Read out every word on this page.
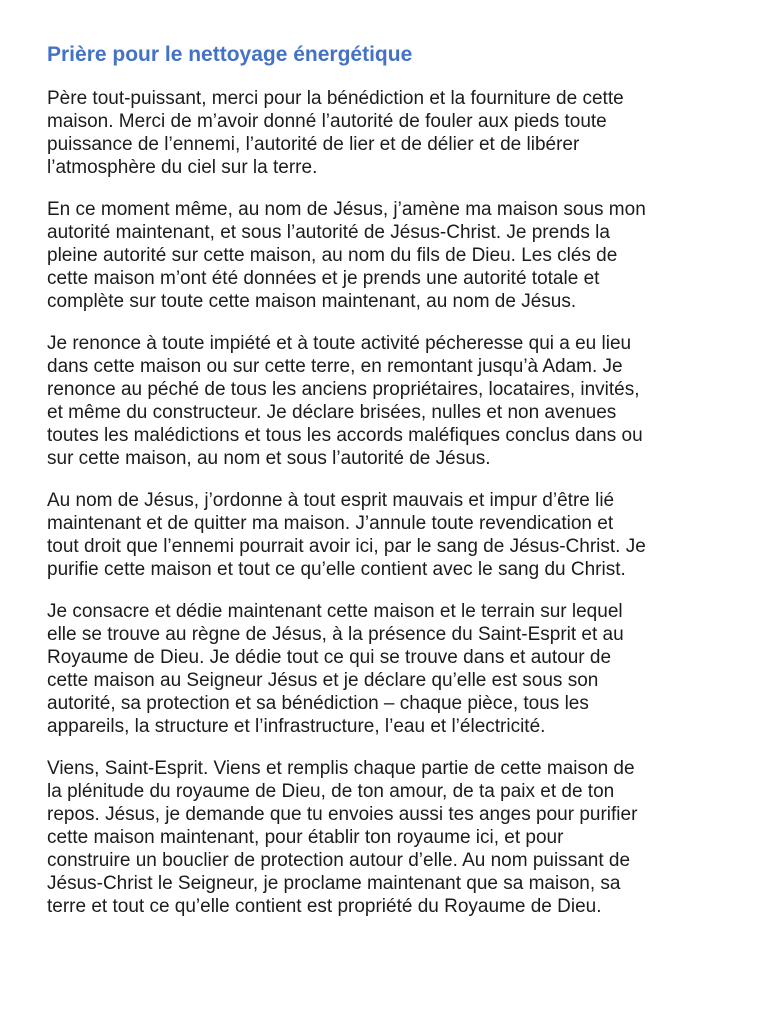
Prière pour le nettoyage énergétique

Père tout-puissant, merci pour la bénédiction et la fourniture de cette
maison. Merci de m’avoir donné l’autorité de fouler aux pieds toute
puissance de l’ennemi, l’autorité de lier et de délier et de libérer
l’atmosphère du ciel sur la terre.

En ce moment même, au nom de Jésus, j’amène ma maison sous mon
autorité maintenant, et sous l’autorité de Jésus-Christ. Je prends la
pleine autorité sur cette maison, au nom du fils de Dieu. Les clés de
cette maison m’ont été données et je prends une autorité totale et
complète sur toute cette maison maintenant, au nom de Jésus.

Je renonce à toute impiété et à toute activité pécheresse qui a eu lieu
dans cette maison ou sur cette terre, en remontant jusqu’à Adam. Je
renonce au péché de tous les anciens propriétaires, locataires, invités,
et même du constructeur. Je déclare brisées, nulles et non avenues
toutes les malédictions et tous les accords maléfiques conclus dans ou
sur cette maison, au nom et sous l’autorité de Jésus.

Au nom de Jésus, j’ordonne à tout esprit mauvais et impur d’être lié
maintenant et de quitter ma maison. J’annule toute revendication et
tout droit que l’ennemi pourrait avoir ici, par le sang de Jésus-Christ. Je
purifie cette maison et tout ce qu’elle contient avec le sang du Christ.

Je consacre et dédie maintenant cette maison et le terrain sur lequel
elle se trouve au règne de Jésus, à la présence du Saint-Esprit et au
Royaume de Dieu. Je dédie tout ce qui se trouve dans et autour de
cette maison au Seigneur Jésus et je déclare qu’elle est sous son
autorité, sa protection et sa bénédiction – chaque pièce, tous les
appareils, la structure et l’infrastructure, l’eau et l’électricité.

Viens, Saint-Esprit. Viens et remplis chaque partie de cette maison de
la plénitude du royaume de Dieu, de ton amour, de ta paix et de ton
repos. Jésus, je demande que tu envoies aussi tes anges pour purifier
cette maison maintenant, pour établir ton royaume ici, et pour
construire un bouclier de protection autour d’elle. Au nom puissant de
Jésus-Christ le Seigneur, je proclame maintenant que sa maison, sa
terre et tout ce qu’elle contient est propriété du Royaume de Dieu.
